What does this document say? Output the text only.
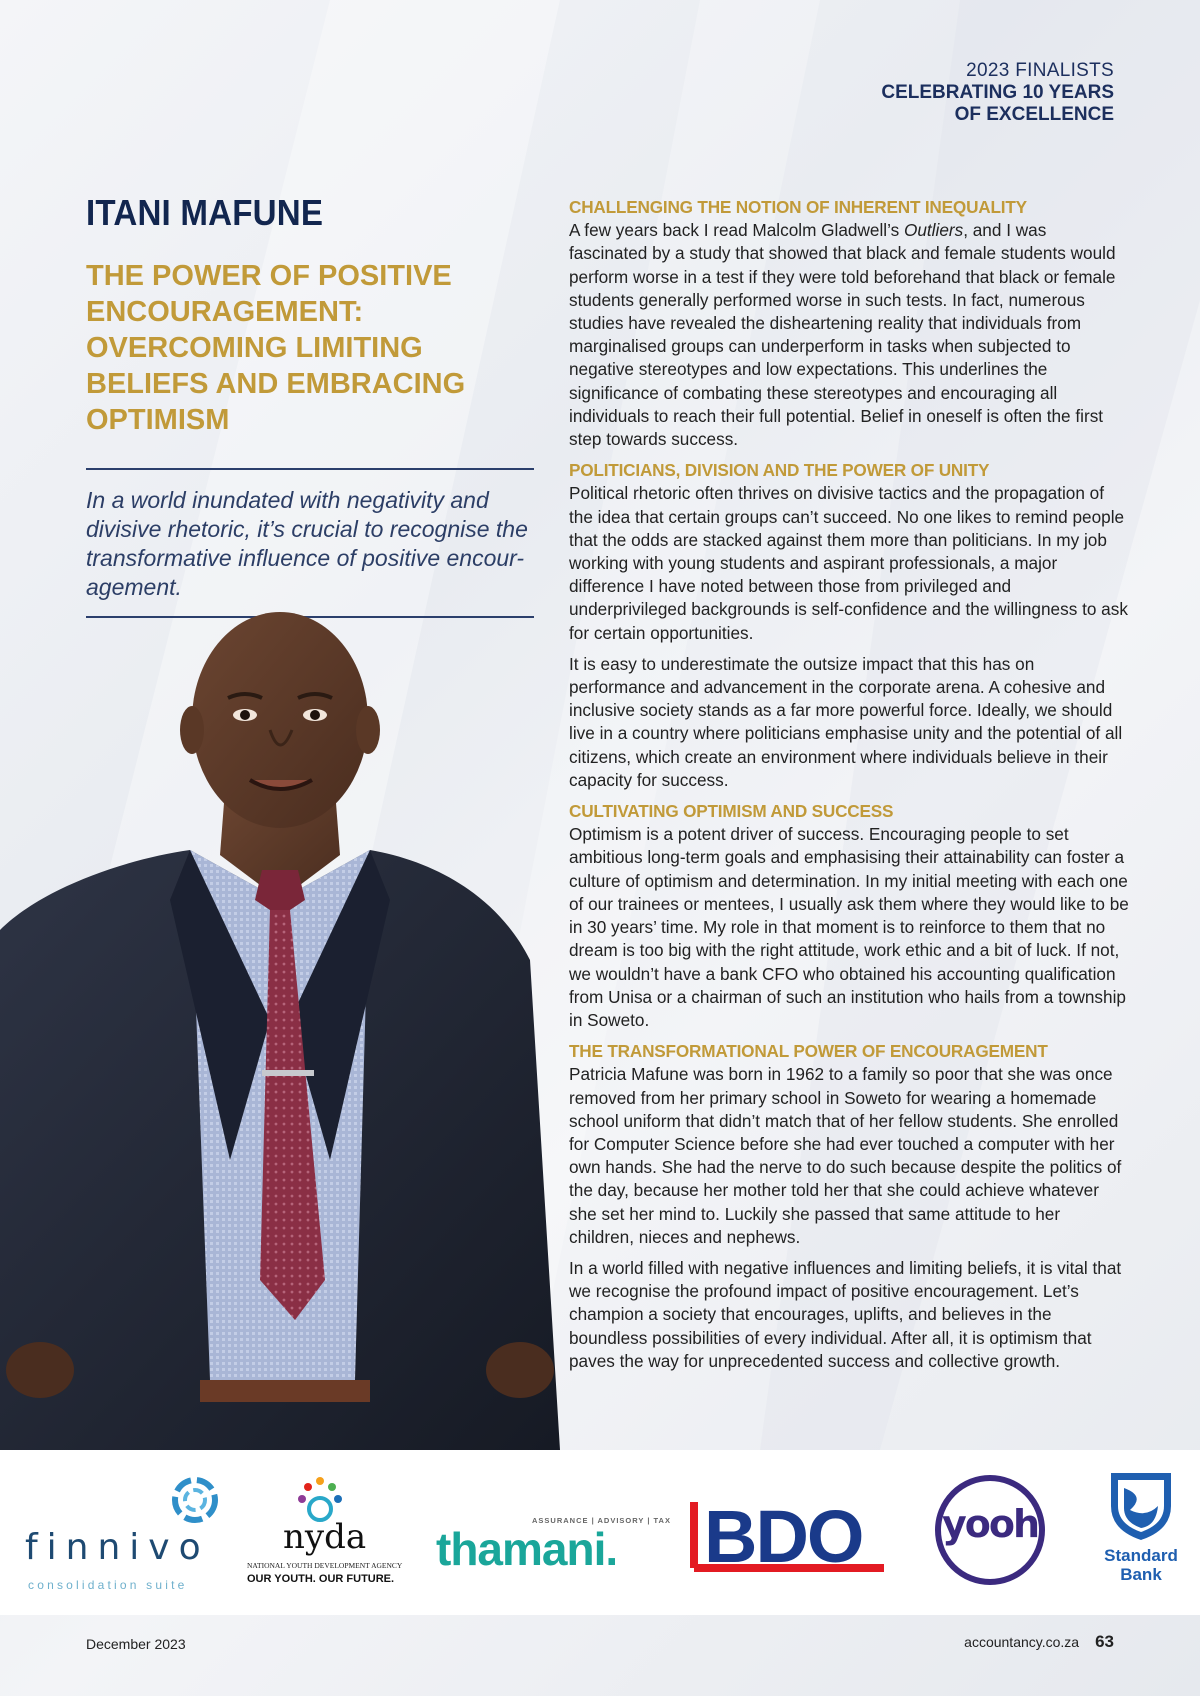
2023 FINALISTS
CELEBRATING 10 YEARS
OF EXCELLENCE
ITANI MAFUNE
THE POWER OF POSITIVE ENCOURAGEMENT: OVERCOMING LIMITING BELIEFS AND EMBRACING OPTIMISM
In a world inundated with negativity and divisive rhetoric, it’s crucial to recognise the transformative influence of positive encour-agement.
CHALLENGING THE NOTION OF INHERENT INEQUALITY

A few years back I read Malcolm Gladwell’s Outliers, and I was fascinated by a study that showed that black and female students would perform worse in a test if they were told beforehand that black or female students generally performed worse in such tests. In fact, numerous studies have revealed the disheartening reality that individuals from marginalised groups can underperform in tasks when subjected to negative stereotypes and low expectations. This underlines the significance of combating these stereotypes and encouraging all individuals to reach their full potential. Belief in oneself is often the first step towards success.

POLITICIANS, DIVISION AND THE POWER OF UNITY

Political rhetoric often thrives on divisive tactics and the propagation of the idea that certain groups can’t succeed. No one likes to remind people that the odds are stacked against them more than politicians. In my job working with young students and aspirant professionals, a major difference I have noted between those from privileged and underprivileged backgrounds is self-confidence and the willingness to ask for certain opportunities.

It is easy to underestimate the outsize impact that this has on performance and advancement in the corporate arena. A cohesive and inclusive society stands as a far more powerful force. Ideally, we should live in a country where politicians emphasise unity and the potential of all citizens, which create an environment where individuals believe in their capacity for success.

CULTIVATING OPTIMISM AND SUCCESS

Optimism is a potent driver of success. Encouraging people to set ambitious long-term goals and emphasising their attainability can foster a culture of optimism and determination. In my initial meeting with each one of our trainees or mentees, I usually ask them where they would like to be in 30 years’ time. My role in that moment is to reinforce to them that no dream is too big with the right attitude, work ethic and a bit of luck. If not, we wouldn’t have a bank CFO who obtained his accounting qualification from Unisa or a chairman of such an institution who hails from a township in Soweto.

THE TRANSFORMATIONAL POWER OF ENCOURAGEMENT

Patricia Mafune was born in 1962 to a family so poor that she was once removed from her primary school in Soweto for wearing a homemade school uniform that didn’t match that of her fellow students. She enrolled for Computer Science before she had ever touched a computer with her own hands. She had the nerve to do such because despite the politics of the day, because her mother told her that she could achieve whatever she set her mind to. Luckily she passed that same attitude to her children, nieces and nephews.

In a world filled with negative influences and limiting beliefs, it is vital that we recognise the profound impact of positive encouragement. Let’s champion a society that encourages, uplifts, and believes in the boundless possibilities of every individual. After all, it is optimism that paves the way for unprecedented success and collective growth.

finnivo
consolidation suite
nyda
NATIONAL YOUTH DEVELOPMENT AGENCY
OUR YOUTH. OUR FUTURE.
ASSURANCE | ADVISORY | TAX
thamani. BDO yooh
Standard
Bank
December 2023	accountancy.co.za 63
